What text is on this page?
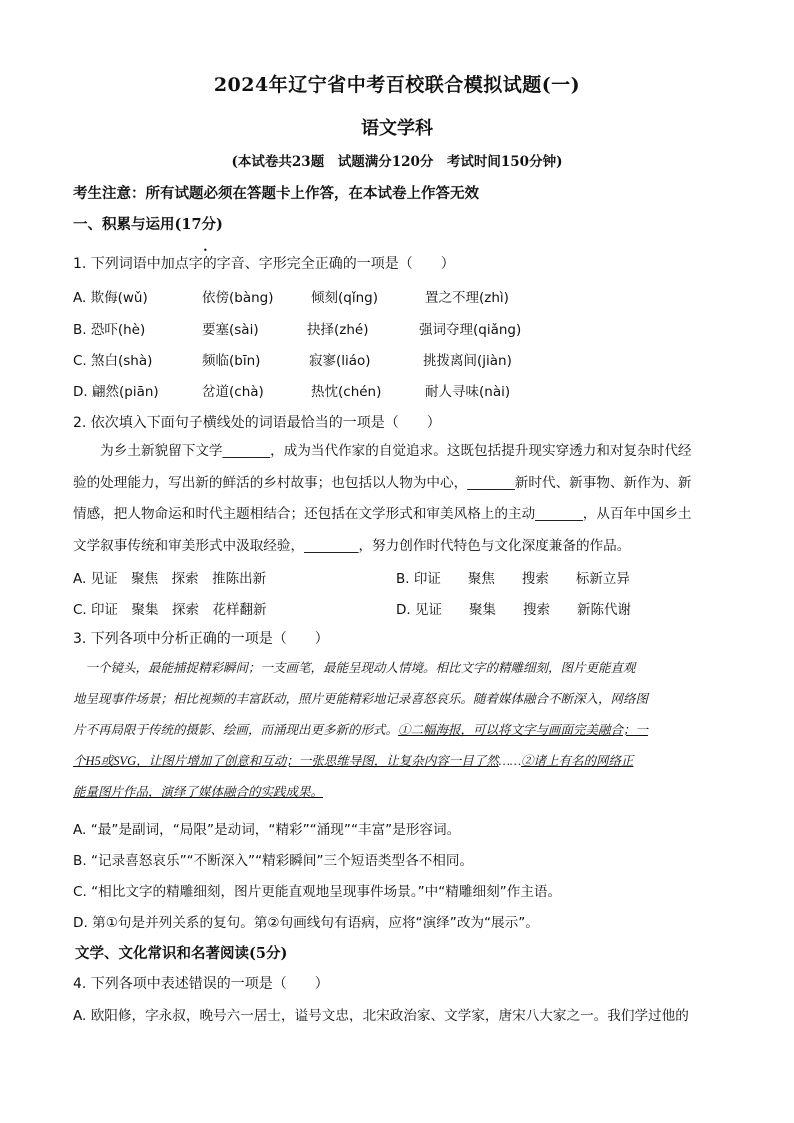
2024年辽宁省中考百校联合模拟试题(一)
语文学科
(本试卷共23题　试题满分120分　考试时间150分钟)
考生注意：所有试题必须在答题卡上作答，在本试卷上作答无效
一、积累与运用(17分)
1. 下列词语中加点字的字音、字形完全正确的一项是（　　）
•
A. 欺侮(wǔ)	依傍(bàng)	倾刻(qǐng)	置之不理(zhì)
B. 恐吓(hè)	要塞(sài)	抉择(zhé)	强词夺理(qiǎng)
C. 煞白(shà)	频临(bīn)	寂寥(liáo)	挑拨离间(jiàn)
D. 翩然(piān)	岔道(chà)	热忱(chén)	耐人寻味(nài)
2. 依次填入下面句子横线处的词语最恰当的一项是（　　）

　　为乡土新貌留下文学_______，成为当代作家的自觉追求。这既包括提升现实穿透力和对复杂时代经

验的处理能力，写出新的鲜活的乡村故事；也包括以人物为中心，_______新时代、新事物、新作为、新

情感，把人物命运和时代主题相结合；还包括在文学形式和审美风格上的主动_______，从百年中国乡土

文学叙事传统和审美形式中汲取经验，________，努力创作时代特色与文化深度兼备的作品。

A. 见证　聚焦　探索　推陈出新	B. 印证　　聚焦　　搜索　　标新立异
C. 印证　聚集　探索　花样翻新	D. 见证　　聚集　　搜索　　新陈代谢
3. 下列各项中分析正确的一项是（　　）

　一个镜头，最能捕捉精彩瞬间；一支画笔，最能呈现动人情境。相比文字的精雕细刻，图片更能直观

地呈现事件场景；相比视频的丰富跃动，照片更能精彩地记录喜怒哀乐。随着媒体融合不断深入，网络图

片不再局限于传统的摄影、绘画，而涌现出更多新的形式。①二幅海报，可以将文字与画面完美融合；一

个H5或SVG，让图片增加了创意和互动；一张思维导图，让复杂内容一目了然……②诸上有名的网络正

能量图片作品，演绎了媒体融合的实践成果。

A. “最”是副词，“局限”是动词，“精彩”“涌现”“丰富”是形容词。
B. “记录喜怒哀乐”“不断深入”“精彩瞬间”三个短语类型各不相同。
C. “相比文字的精雕细刻，图片更能直观地呈现事件场景。”中“精雕细刻”作主语。
D. 第①句是并列关系的复句。第②句画线句有语病，应将“演绎”改为“展示”。
文学、文化常识和名著阅读(5分)
4. 下列各项中表述错误的一项是（　　）
A. 欧阳修，字永叔，晚号六一居士，谥号文忠，北宋政治家、文学家，唐宋八大家之一。我们学过他的
